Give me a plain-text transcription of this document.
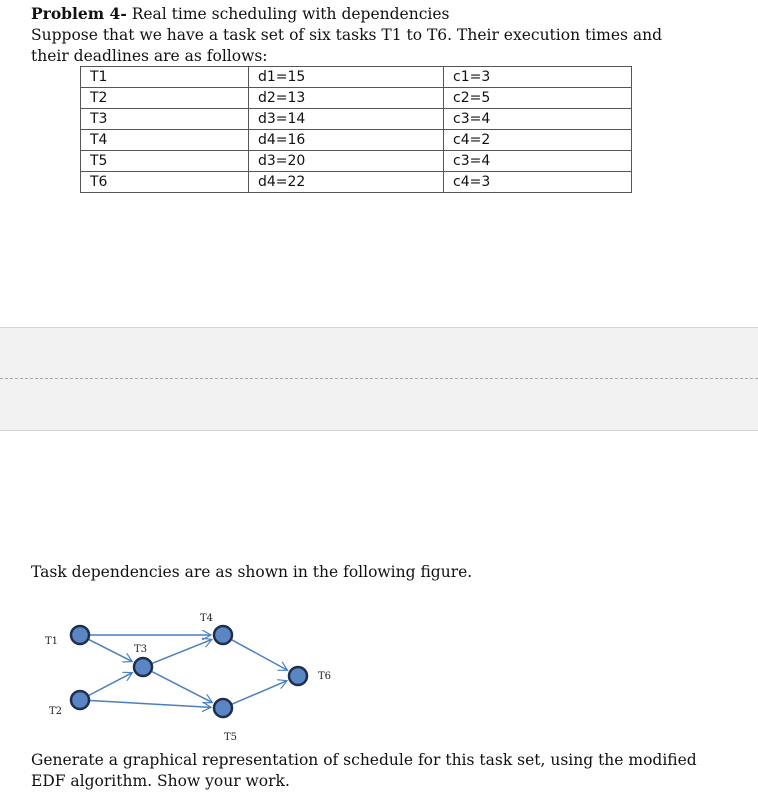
Problem 4- Real time scheduling with dependencies
Suppose that we have a task set of six tasks T1 to T6. Their execution times and
their deadlines are as follows:
T1	d1=15	c1=3
T2	d2=13	c2=5
T3	d3=14	c3=4
T4	d4=16	c4=2
T5	d3=20	c3=4
T6	d4=22	c4=3
Task dependencies are as shown in the following figure.
T1
T2
T3
T4
T5
T6
Generate a graphical representation of schedule for this task set, using the modified
EDF algorithm. Show your work.
